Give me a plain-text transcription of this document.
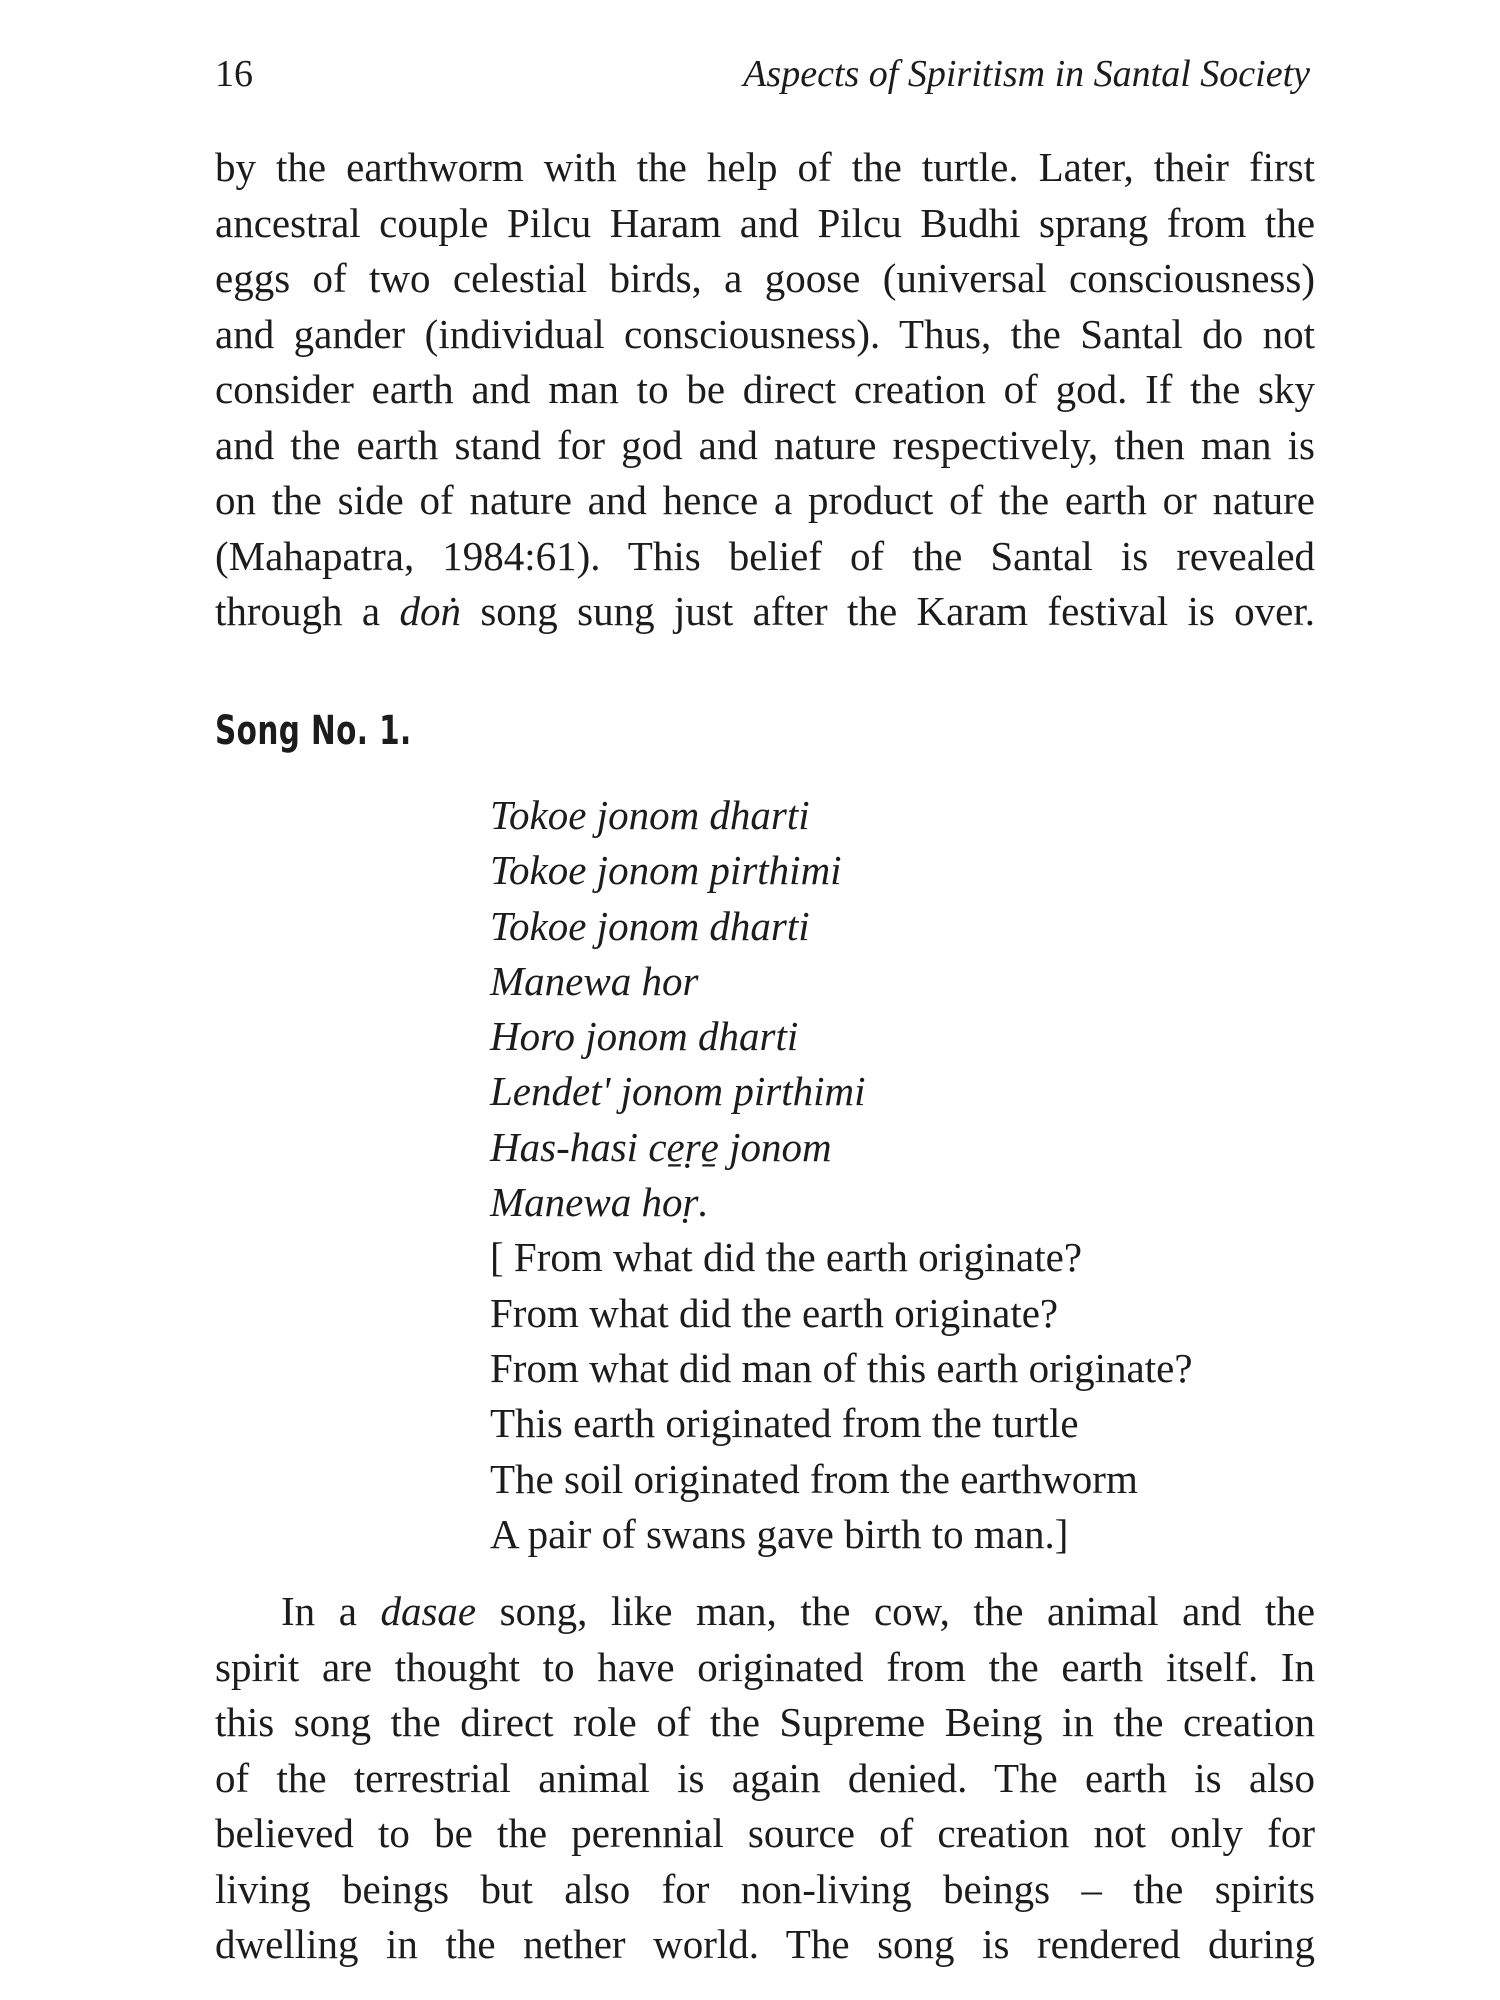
16	Aspects of Spiritism in Santal Society
by the earthworm with the help of the turtle. Later, their first
ancestral couple Pilcu Haram and Pilcu Budhi sprang from the
eggs of two celestial birds, a goose (universal consciousness)
and gander (individual consciousness). Thus, the Santal do not
consider earth and man to be direct creation of god. If the sky
and the earth stand for god and nature respectively, then man is
on the side of nature and hence a product of the earth or nature
(Mahapatra, 1984:61). This belief of the Santal is revealed
through a doṅ song sung just after the Karam festival is over.
Song No. 1.
Tokoe jonom dharti
Tokoe jonom pirthimi
Tokoe jonom dharti
Manewa hor
Horo jonom dharti
Lendet' jonom pirthimi
Has-hasi ce̱ṛe̱ jonom
Manewa hoṛ.
[ From what did the earth originate?
From what did the earth originate?
From what did man of this earth originate?
This earth originated from the turtle
The soil originated from the earthworm
A pair of swans gave birth to man.]
In a dasae song, like man, the cow, the animal and the
spirit are thought to have originated from the earth itself. In
this song the direct role of the Supreme Being in the creation
of the terrestrial animal is again denied. The earth is also
believed to be the perennial source of creation not only for
living beings but also for non-living beings – the spirits
dwelling in the nether world. The song is rendered during
